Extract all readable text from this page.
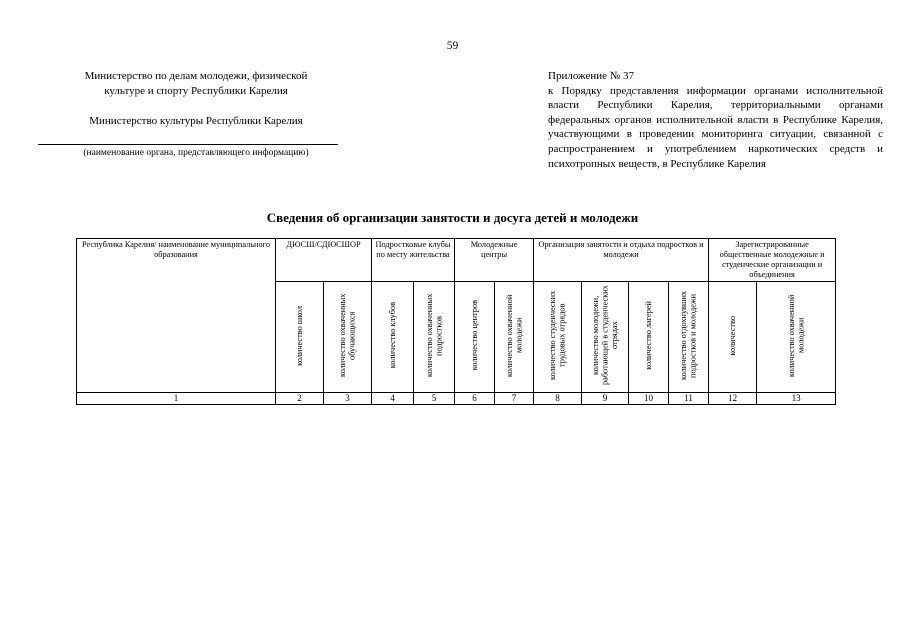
59
Министерство по делам молодежи, физической
культуре и спорту Республики Карелия
Министерство культуры Республики Карелия
(наименование органа, представляющего информацию)
Приложение № 37
к Порядку представления информации органами исполнительной власти Республики Карелия, территориальными органами федеральных органов исполнительной власти в Республике Карелия, участвующими в проведении мониторинга ситуации, связанной с распространением и употреблением наркотических средств и психотропных веществ, в Республике Карелия
Сведения об организации занятости и досуга детей и молодежи
Республика Карелия/ наименование муниципального образования	ДЮСШ/СДЮСШОР		Подростковые клубы по месту жительства		Молодежные центры		Организация занятости и отдыха подростков и молодежи				Зарегистрированные общественные молодежные и студенческие организации и объединения	
	количество школ	количество охваченных обучающихся	количество клубов	количество охваченных подростков	количество центров	количество охваченной молодежи	количество студенческих трудовых отрядов	количество молодежи, работающей в студенческих отрядах	количество лагерей	количество отдохнувших подростков и молодежи	количество	количество охваченной молодежи
1	2	3	4	5	6	7	8	9	10	11	12	13
